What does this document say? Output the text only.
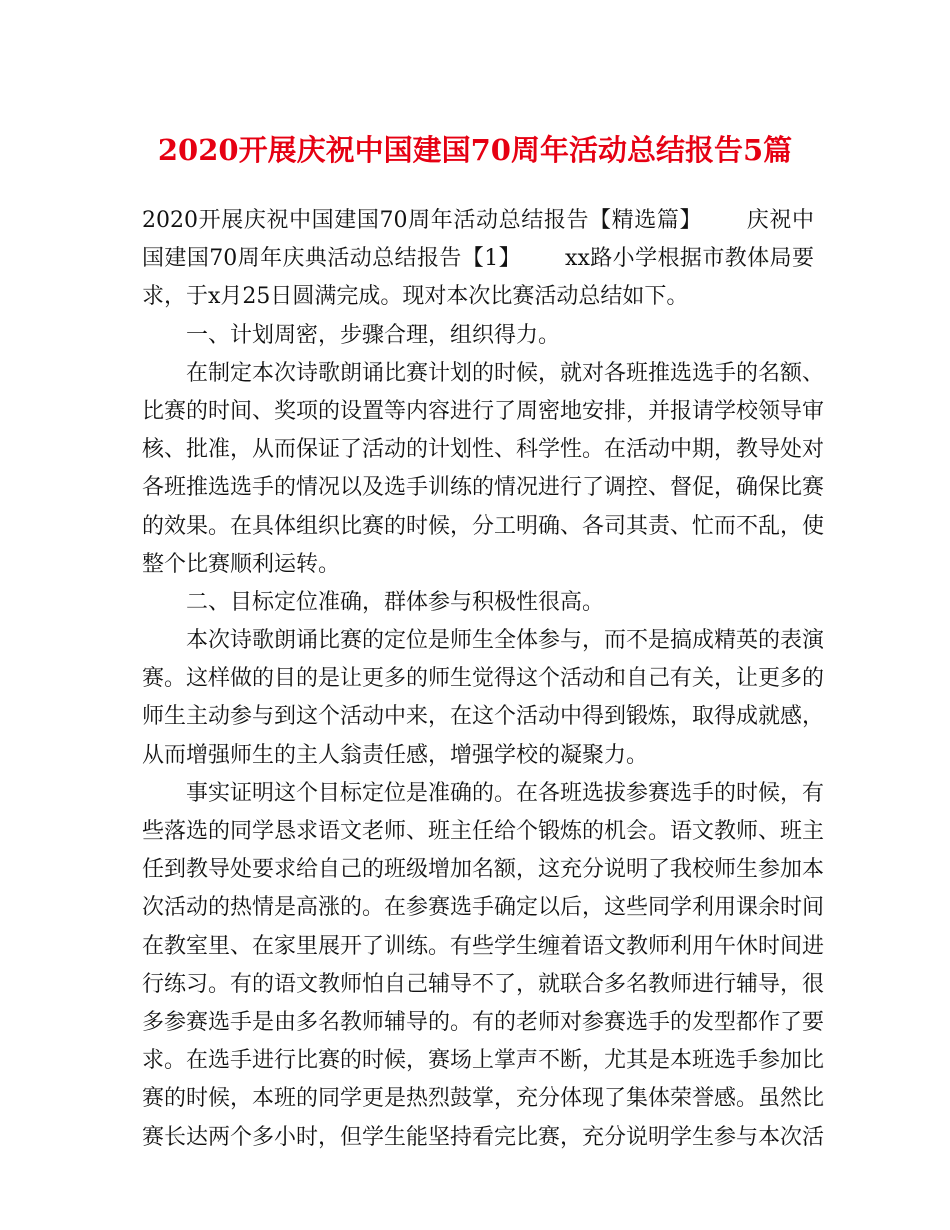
2020开展庆祝中国建国70周年活动总结报告5篇
2020开展庆祝中国建国70周年活动总结报告【精选篇】 庆祝中
国建国70周年庆典活动总结报告【1】 xx路小学根据市教体局要
求，于x月25日圆满完成。现对本次比赛活动总结如下。
一、计划周密，步骤合理，组织得力。
在制定本次诗歌朗诵比赛计划的时候，就对各班推选选手的名额、
比赛的时间、奖项的设置等内容进行了周密地安排，并报请学校领导审
核、批准，从而保证了活动的计划性、科学性。在活动中期，教导处对
各班推选选手的情况以及选手训练的情况进行了调控、督促，确保比赛
的效果。在具体组织比赛的时候，分工明确、各司其责、忙而不乱，使
整个比赛顺利运转。
二、目标定位准确，群体参与积极性很高。
本次诗歌朗诵比赛的定位是师生全体参与，而不是搞成精英的表演
赛。这样做的目的是让更多的师生觉得这个活动和自己有关，让更多的
师生主动参与到这个活动中来，在这个活动中得到锻炼，取得成就感，
从而增强师生的主人翁责任感，增强学校的凝聚力。
事实证明这个目标定位是准确的。在各班选拔参赛选手的时候，有
些落选的同学恳求语文老师、班主任给个锻炼的机会。语文教师、班主
任到教导处要求给自己的班级增加名额，这充分说明了我校师生参加本
次活动的热情是高涨的。在参赛选手确定以后，这些同学利用课余时间
在教室里、在家里展开了训练。有些学生缠着语文教师利用午休时间进
行练习。有的语文教师怕自己辅导不了，就联合多名教师进行辅导，很
多参赛选手是由多名教师辅导的。有的老师对参赛选手的发型都作了要
求。在选手进行比赛的时候，赛场上掌声不断，尤其是本班选手参加比
赛的时候，本班的同学更是热烈鼓掌，充分体现了集体荣誉感。虽然比
赛长达两个多小时，但学生能坚持看完比赛，充分说明学生参与本次活
